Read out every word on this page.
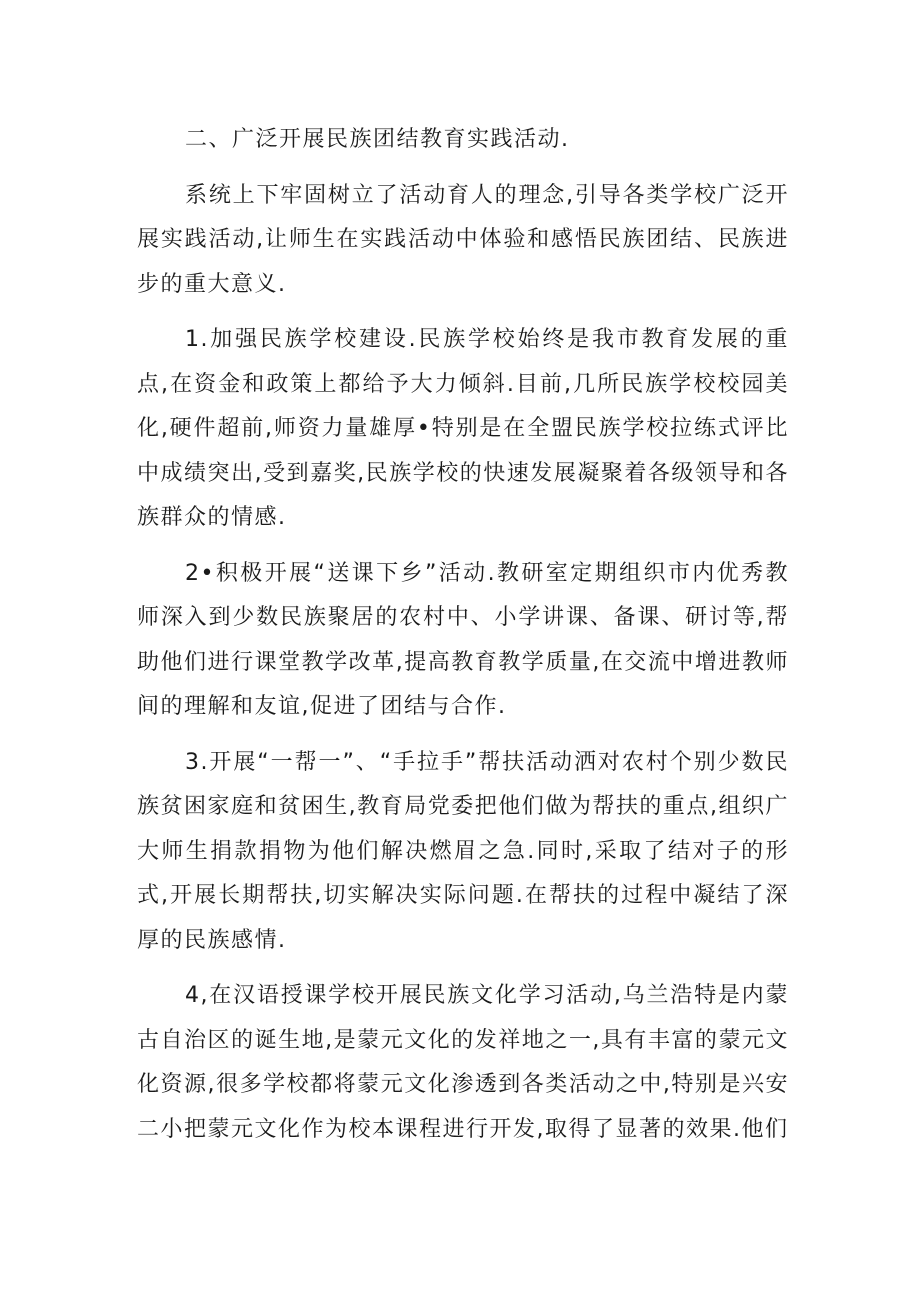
二、广泛开展民族团结教育实践活动.

系统上下牢固树立了活动育人的理念,引导各类学校广泛开展实践活动,让师生在实践活动中体验和感悟民族团结、民族进步的重大意义.

1.加强民族学校建设.民族学校始终是我市教育发展的重点,在资金和政策上都给予大力倾斜.目前,几所民族学校校园美化,硬件超前,师资力量雄厚•特别是在全盟民族学校拉练式评比中成绩突出,受到嘉奖,民族学校的快速发展凝聚着各级领导和各族群众的情感.

2•积极开展“送课下乡”活动.教研室定期组织市内优秀教师深入到少数民族聚居的农村中、小学讲课、备课、研讨等,帮助他们进行课堂教学改革,提高教育教学质量,在交流中增进教师间的理解和友谊,促进了团结与合作.

3.开展“一帮一”、“手拉手”帮扶活动洒对农村个别少数民族贫困家庭和贫困生,教育局党委把他们做为帮扶的重点,组织广大师生捐款捐物为他们解决燃眉之急.同时,采取了结对子的形式,开展长期帮扶,切实解决实际问题.在帮扶的过程中凝结了深厚的民族感情.

4,在汉语授课学校开展民族文化学习活动,乌兰浩特是内蒙古自治区的诞生地,是蒙元文化的发祥地之一,具有丰富的蒙元文化资源,很多学校都将蒙元文化渗透到各类活动之中,特别是兴安二小把蒙元文化作为校本课程进行开发,取得了显著的效果.他们
